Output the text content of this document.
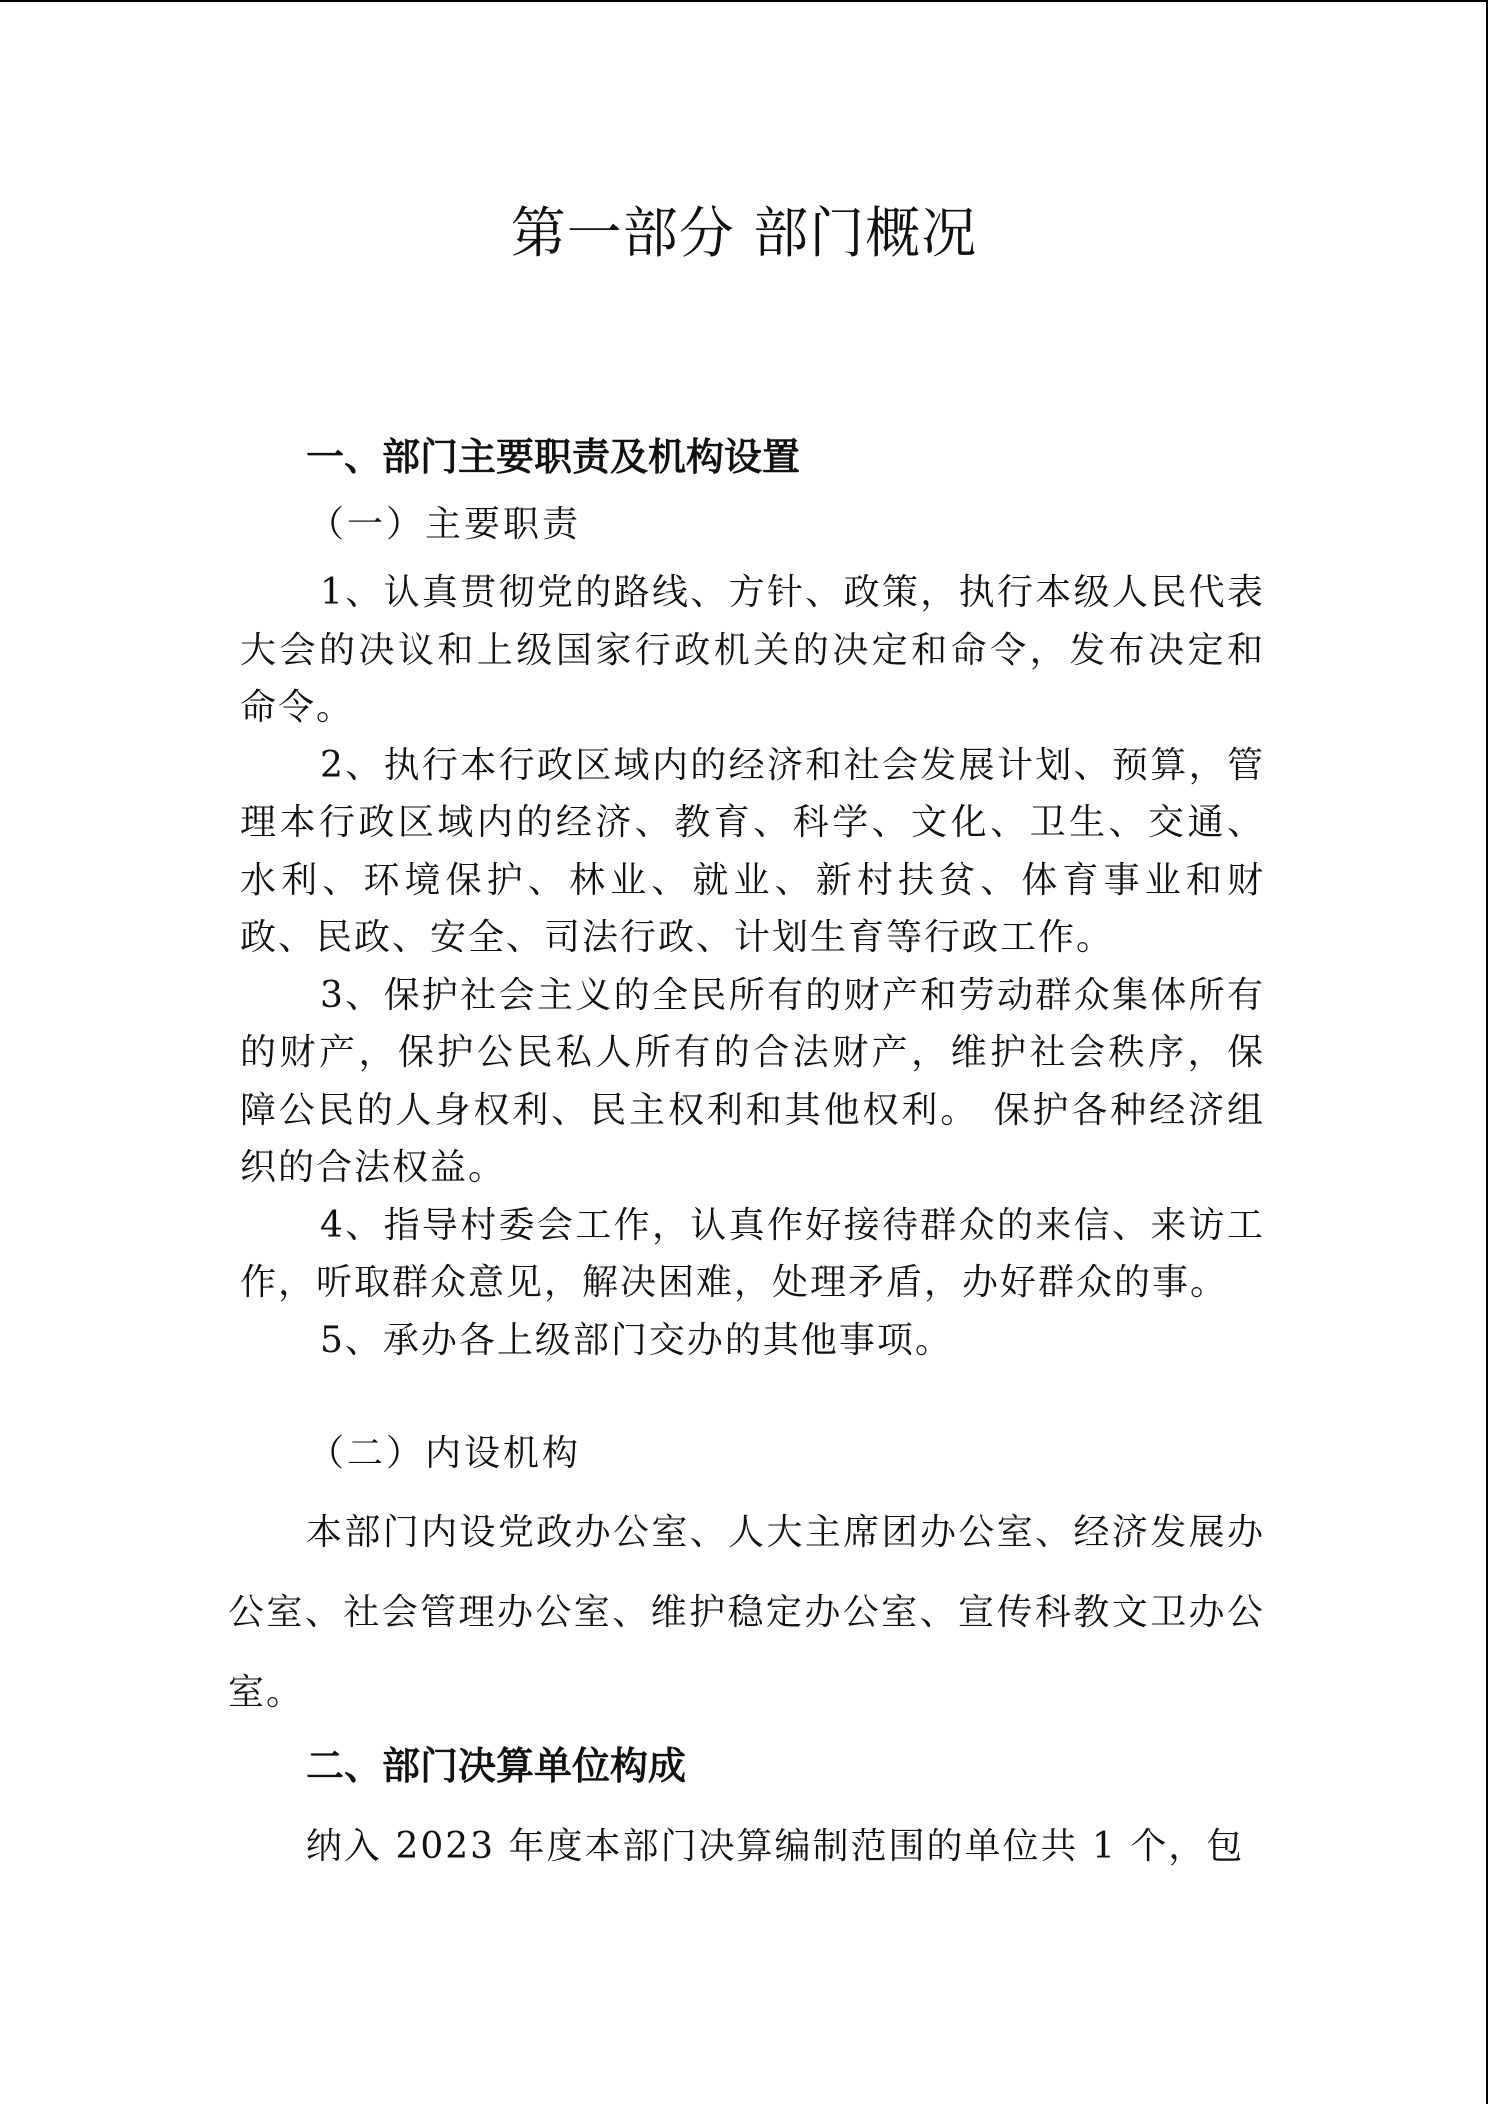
第一部分 部门概况
一、部门主要职责及机构设置
（一）主要职责

1、认真贯彻党的路线、方针、政策，执行本级人民代表大会的决议和上级国家行政机关的决定和命令，发布决定和命令。

2、执行本行政区域内的经济和社会发展计划、预算，管理本行政区域内的经济、教育、科学、文化、卫生、交通、水利、环境保护、林业、就业、新村扶贫、体育事业和财政、民政、安全、司法行政、计划生育等行政工作。

3、保护社会主义的全民所有的财产和劳动群众集体所有的财产，保护公民私人所有的合法财产，维护社会秩序，保障公民的人身权利、民主权利和其他权利。 保护各种经济组织的合法权益。

4、指导村委会工作，认真作好接待群众的来信、来访工作，听取群众意见，解决困难，处理矛盾，办好群众的事。

5、承办各上级部门交办的其他事项。

（二）内设机构

本部门内设党政办公室、人大主席团办公室、经济发展办公室、社会管理办公室、维护稳定办公室、宣传科教文卫办公室。

二、部门决算单位构成

纳入 2023 年度本部门决算编制范围的单位共 1 个，包
